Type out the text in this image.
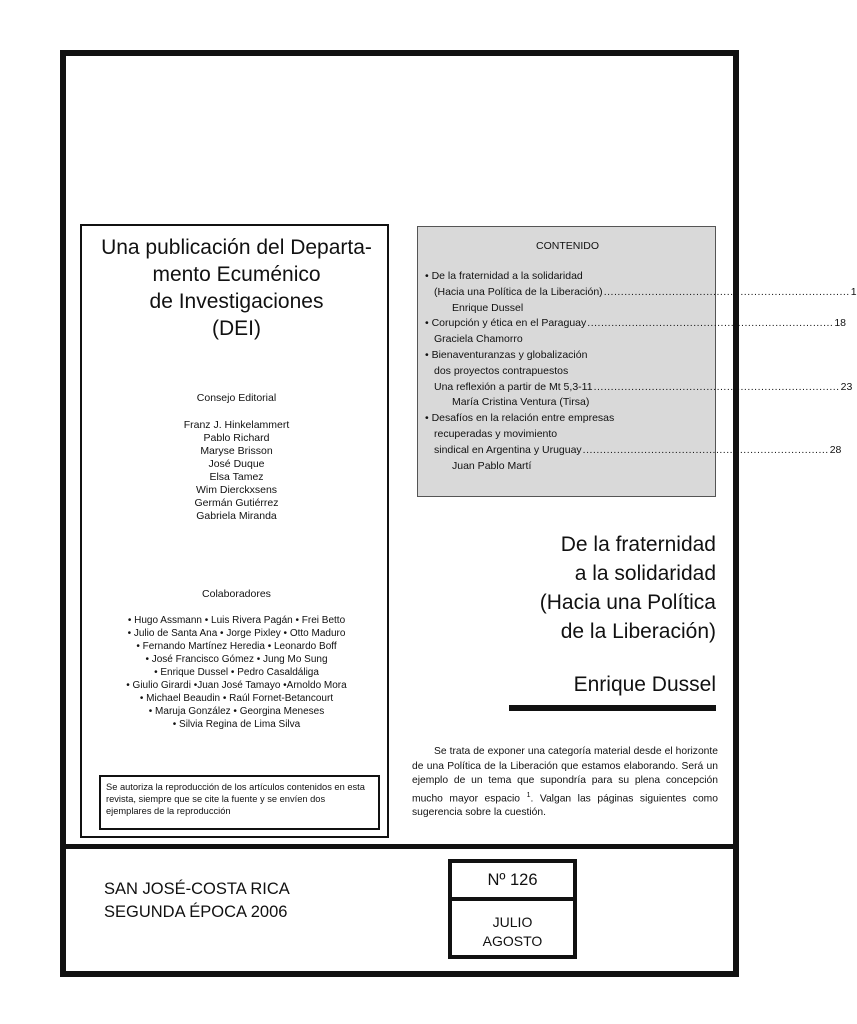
Una publicación del Departa-
mento Ecuménico
de Investigaciones
(DEI)
Consejo Editorial
Franz J. Hinkelammert
Pablo Richard
Maryse Brisson
José Duque
Elsa Tamez
Wim Dierckxsens
Germán Gutiérrez
Gabriela Miranda
Colaboradores
• Hugo Assmann • Luis Rivera Pagán • Frei Betto
• Julio de Santa Ana • Jorge Pixley • Otto Maduro
• Fernando Martínez Heredia • Leonardo Boff
• José Francisco Gómez • Jung Mo Sung
• Enrique Dussel • Pedro Casaldáliga
• Giulio Girardi •Juan José Tamayo •Arnoldo Mora
• Michael Beaudin • Raúl Fornet-Betancourt
• Maruja González • Georgina Meneses
• Silvia Regina de Lima Silva
Se autoriza la reproducción de los artículos contenidos en esta revista, siempre que se cite la fuente y se envíen dos ejemplares de la reproducción
CONTENIDO
• De la fraternidad a la solidaridad
(Hacia una Política de la Liberación) ........................................................................ 1
Enrique Dussel
• Corupción y ética en el Paraguay ........................................................................ 18
Graciela Chamorro
• Bienaventuranzas y globalización
dos proyectos contrapuestos
Una reflexión a partir de Mt 5,3-11 ........................................................................ 23
María Cristina Ventura (Tirsa)
• Desafíos en la relación entre empresas
recuperadas y movimiento
sindical en Argentina y Uruguay ........................................................................ 28
Juan Pablo Martí
De la fraternidad
a la solidaridad
(Hacia una Política
de la Liberación)
Enrique Dussel
Se trata de exponer una categoría material desde el horizonte de una Política de la Liberación que estamos elaborando. Será un ejemplo de un tema que supondría para su plena concepción mucho mayor espacio $^1$. Valgan las páginas siguientes como sugerencia sobre la cuestión.
SAN JOSÉ-COSTA RICA
SEGUNDA ÉPOCA 2006
Nº 126
JULIO
AGOSTO
